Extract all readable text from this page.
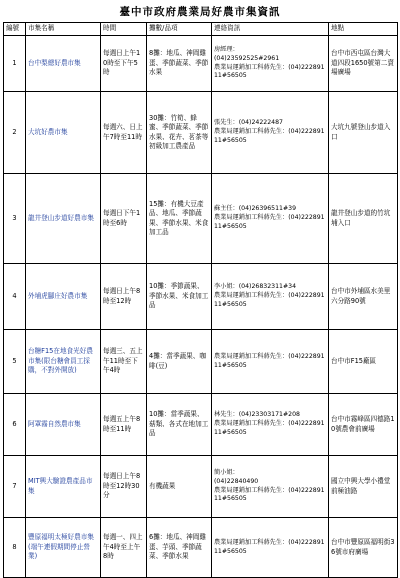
臺中市政府農業局好農市集資訊
編號	市集名稱	時間	攤數/品項	連絡資訊	地點
1	台中梨總好農市集	每週日上午10時至下午5時	8攤：地瓜、神岡雞蛋、季節蔬菜、季節水果	房經理：
(04)23592525#2961
農業局運銷加工科蔣先生：(04)22289111#56505	台中市西屯區台灣大道四段1650號第二賣場廣場
2	大坑好農市集	每週六、日上午7時至11時	30攤：竹筍、蜂蜜、季節蔬菜、季節水果、花卉、茗茶等初級加工農產品	張先生：(04)24222487
農業局運銷加工科蔣先生：(04)22289111#56505	大坑九號登山步道入口
3	龍井登山步道好農市集	每週日下午1時至6時	15攤：有機大豆產品、地瓜、季節蔬果、季節水果、米食加工品	蘇主任：(04)26396511#39
農業局運銷加工科蔣先生：(04)22289111#56505	龍井登山步道的竹坑埔入口
4	外埔虎腳庄好農市集	每週日上午8時至12時	10攤：季節蔬果、季節水果、米食加工品	李小姐：(04)26832311#34
農業局運銷加工科蔣先生：(04)22289111#56505	台中市外埔區水美里六分路90號
5	台糖F15在地食光好農市集(限台糖會員工採購，不對外開放)	每週三、五上午11時至下午4時	4攤：當季蔬果、咖啡(豆)	農業局運銷加工科蔣先生：(04)22289111#56505	台中市F15廠區
6	阿罩霧自然農市集	每週五上午8時至11時	10攤：當季蔬果、菇類、各式在地加工品	林先生：(04)23303171#208
農業局運銷加工科蔣先生：(04)22289111#56505	台中市霧峰區四德路10號農會前廣場
7	MIT興大驗證農產品市集	每週日上午8時至12時30分	有機蔬果	簡小姐：
(04)22840490
農業局運銷加工科蔣先生：(04)22289111#56505	國立中興大學小禮堂前極油路
8	豐原福明太極好農市集(端午連假期間停止營業)	每週一、四上午4時至上午8時	6攤：地瓜、神岡雞蛋、芋頭、季節蔬菜、季節水果	農業局運銷加工科蔣先生：(04)22289111#56505	台中市豐原區福明街36號市府廣場
